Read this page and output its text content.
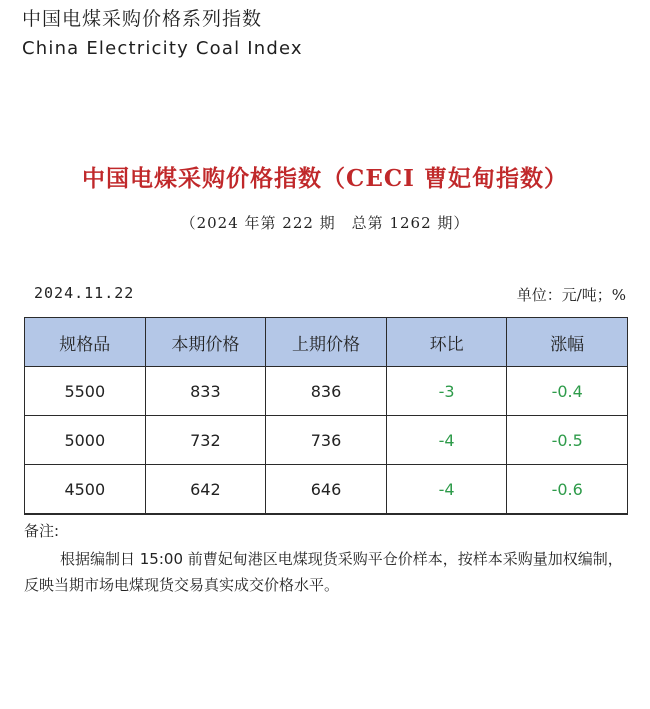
中国电煤采购价格系列指数
China Electricity Coal Index
中国电煤采购价格指数（CECI 曹妃甸指数）
（2024 年第 222 期　总第 1262 期）
2024.11.22	单位：元/吨；%
规格品	本期价格	上期价格	环比	涨幅
5500	833	836	-3	-0.4
5000	732	736	-4	-0.5
4500	642	646	-4	-0.6
备注:
根据编制日 15:00 前曹妃甸港区电煤现货采购平仓价样本，按样本采购量加权编制，反映当期市场电煤现货交易真实成交价格水平。
